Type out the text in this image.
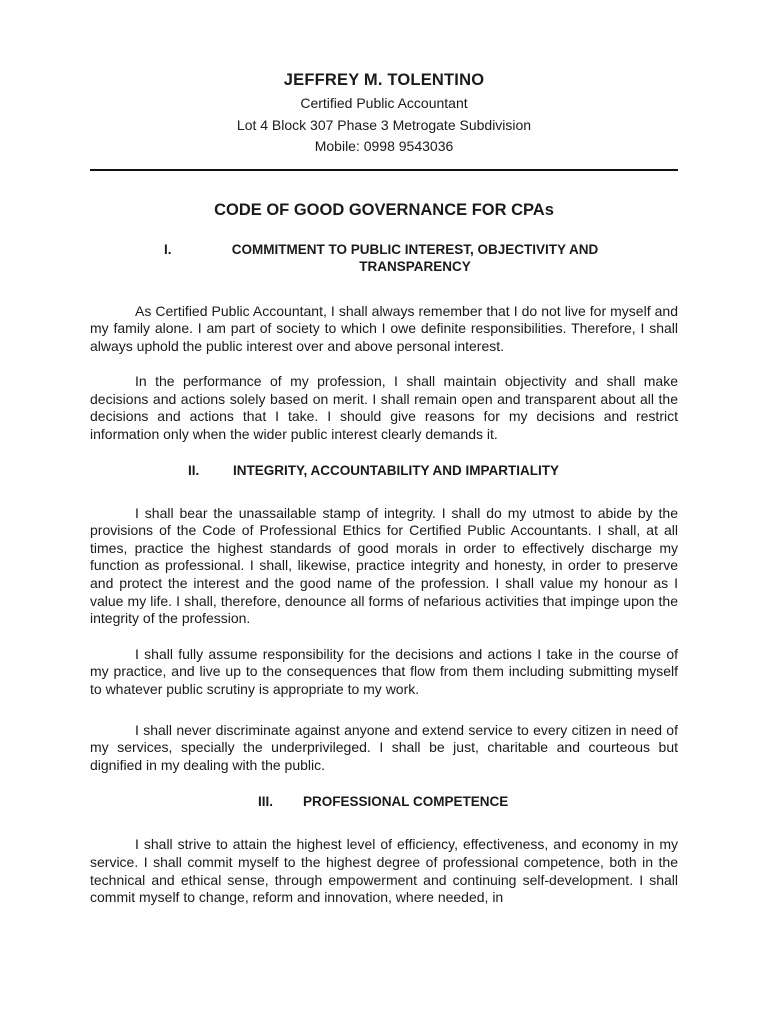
JEFFREY M. TOLENTINO
Certified Public Accountant
Lot 4 Block 307 Phase 3 Metrogate Subdivision
Mobile: 0998 9543036
CODE OF GOOD GOVERNANCE FOR CPAs
I.	COMMITMENT TO PUBLIC INTEREST, OBJECTIVITY AND TRANSPARENCY

As Certified Public Accountant, I shall always remember that I do not live for myself and my family alone. I am part of society to which I owe definite responsibilities. Therefore, I shall always uphold the public interest over and above personal interest.

In the performance of my profession, I shall maintain objectivity and shall make decisions and actions solely based on merit. I shall remain open and transparent about all the decisions and actions that I take. I should give reasons for my decisions and restrict information only when the wider public interest clearly demands it.

II.	INTEGRITY, ACCOUNTABILITY AND IMPARTIALITY

I shall bear the unassailable stamp of integrity. I shall do my utmost to abide by the provisions of the Code of Professional Ethics for Certified Public Accountants. I shall, at all times, practice the highest standards of good morals in order to effectively discharge my function as professional. I shall, likewise, practice integrity and honesty, in order to preserve and protect the interest and the good name of the profession. I shall value my honour as I value my life. I shall, therefore, denounce all forms of nefarious activities that impinge upon the integrity of the profession.

I shall fully assume responsibility for the decisions and actions I take in the course of my practice, and live up to the consequences that flow from them including submitting myself to whatever public scrutiny is appropriate to my work.

I shall never discriminate against anyone and extend service to every citizen in need of my services, specially the underprivileged. I shall be just, charitable and courteous but dignified in my dealing with the public.

III.	PROFESSIONAL COMPETENCE

I shall strive to attain the highest level of efficiency, effectiveness, and economy in my service. I shall commit myself to the highest degree of professional competence, both in the technical and ethical sense, through empowerment and continuing self-development. I shall commit myself to change, reform and innovation, where needed, in
